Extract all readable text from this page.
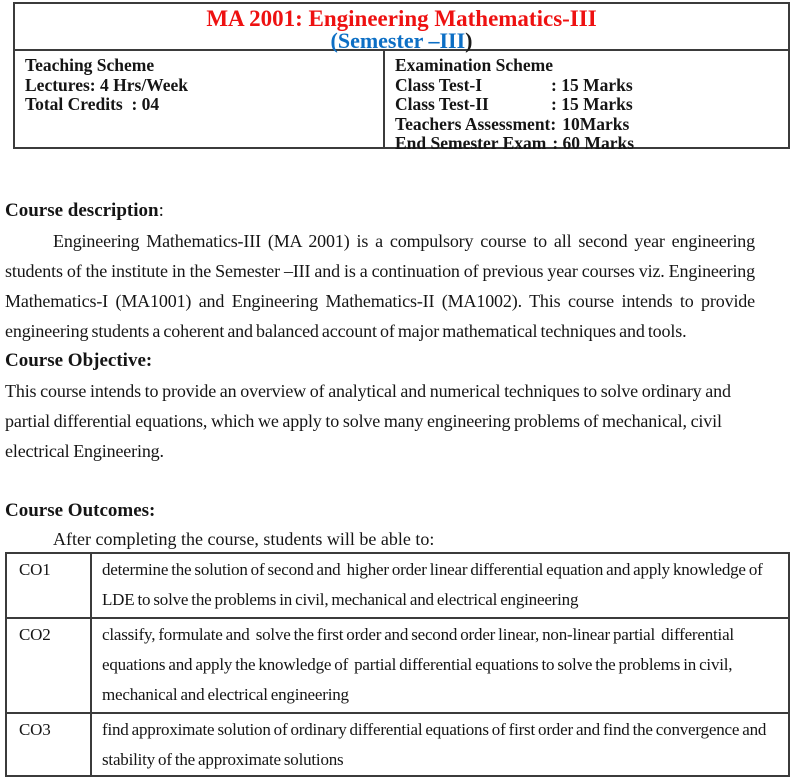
MA 2001: Engineering Mathematics-III
(Semester –III)
Teaching Scheme
Lectures: 4 Hrs/Week
Total Credits  : 04
Examination Scheme
Class Test-I	: 15 Marks
Class Test-II	: 15 Marks
Teachers Assessment: 10Marks
End Semester Exam : 60 Marks
Course description:

Engineering Mathematics-III (MA 2001) is a compulsory course to all second year engineering students of the institute in the Semester –III and is a continuation of previous year courses viz. Engineering Mathematics-I (MA1001) and Engineering Mathematics-II (MA1002). This course intends to provide engineering students a coherent and balanced account of major mathematical techniques and tools.

Course Objective:

This course intends to provide an overview of analytical and numerical techniques to solve ordinary and partial differential equations, which we apply to solve many engineering problems of mechanical, civil electrical Engineering.

Course Outcomes:
After completing the course, students will be able to:
CO1	determine the solution of second and  higher order linear differential equation and apply knowledge of LDE to solve the problems in civil, mechanical and electrical engineering
CO2	classify, formulate and  solve the first order and second order linear, non-linear partial  differential equations and apply the knowledge of  partial differential equations to solve the problems in civil, mechanical and electrical engineering
CO3	find approximate solution of ordinary differential equations of first order and find the convergence and stability of the approximate solutions
